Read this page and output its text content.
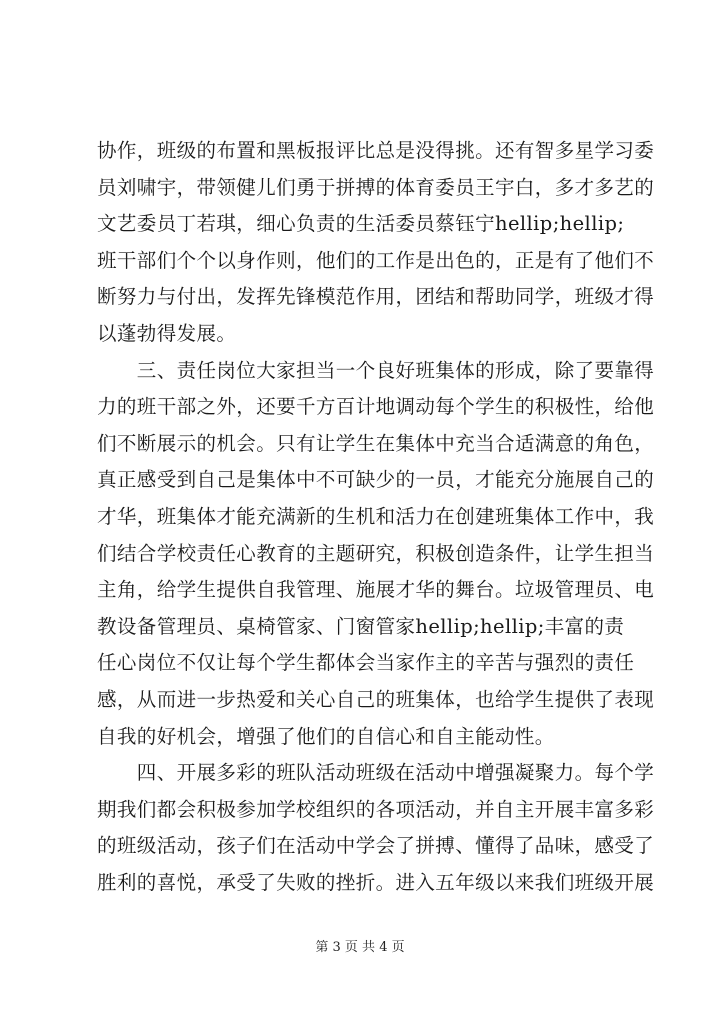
协作，班级的布置和黑板报评比总是没得挑。还有智多星学习委
员刘啸宇，带领健儿们勇于拼搏的体育委员王宇白，多才多艺的
文艺委员丁若琪，细心负责的生活委员蔡钰宁hellip;hellip;
班干部们个个以身作则，他们的工作是出色的，正是有了他们不
断努力与付出，发挥先锋模范作用，团结和帮助同学，班级才得
以蓬勃得发展。
　　三、责任岗位大家担当一个良好班集体的形成，除了要靠得
力的班干部之外，还要千方百计地调动每个学生的积极性，给他
们不断展示的机会。只有让学生在集体中充当合适满意的角色，
真正感受到自己是集体中不可缺少的一员，才能充分施展自己的
才华，班集体才能充满新的生机和活力在创建班集体工作中，我
们结合学校责任心教育的主题研究，积极创造条件，让学生担当
主角，给学生提供自我管理、施展才华的舞台。垃圾管理员、电
教设备管理员、桌椅管家、门窗管家hellip;hellip;丰富的责
任心岗位不仅让每个学生都体会当家作主的辛苦与强烈的责任
感，从而进一步热爱和关心自己的班集体，也给学生提供了表现
自我的好机会，增强了他们的自信心和自主能动性。
　　四、开展多彩的班队活动班级在活动中增强凝聚力。每个学
期我们都会积极参加学校组织的各项活动，并自主开展丰富多彩
的班级活动，孩子们在活动中学会了拼搏、懂得了品味，感受了
胜利的喜悦，承受了失败的挫折。进入五年级以来我们班级开展
第 3 页 共 4 页
